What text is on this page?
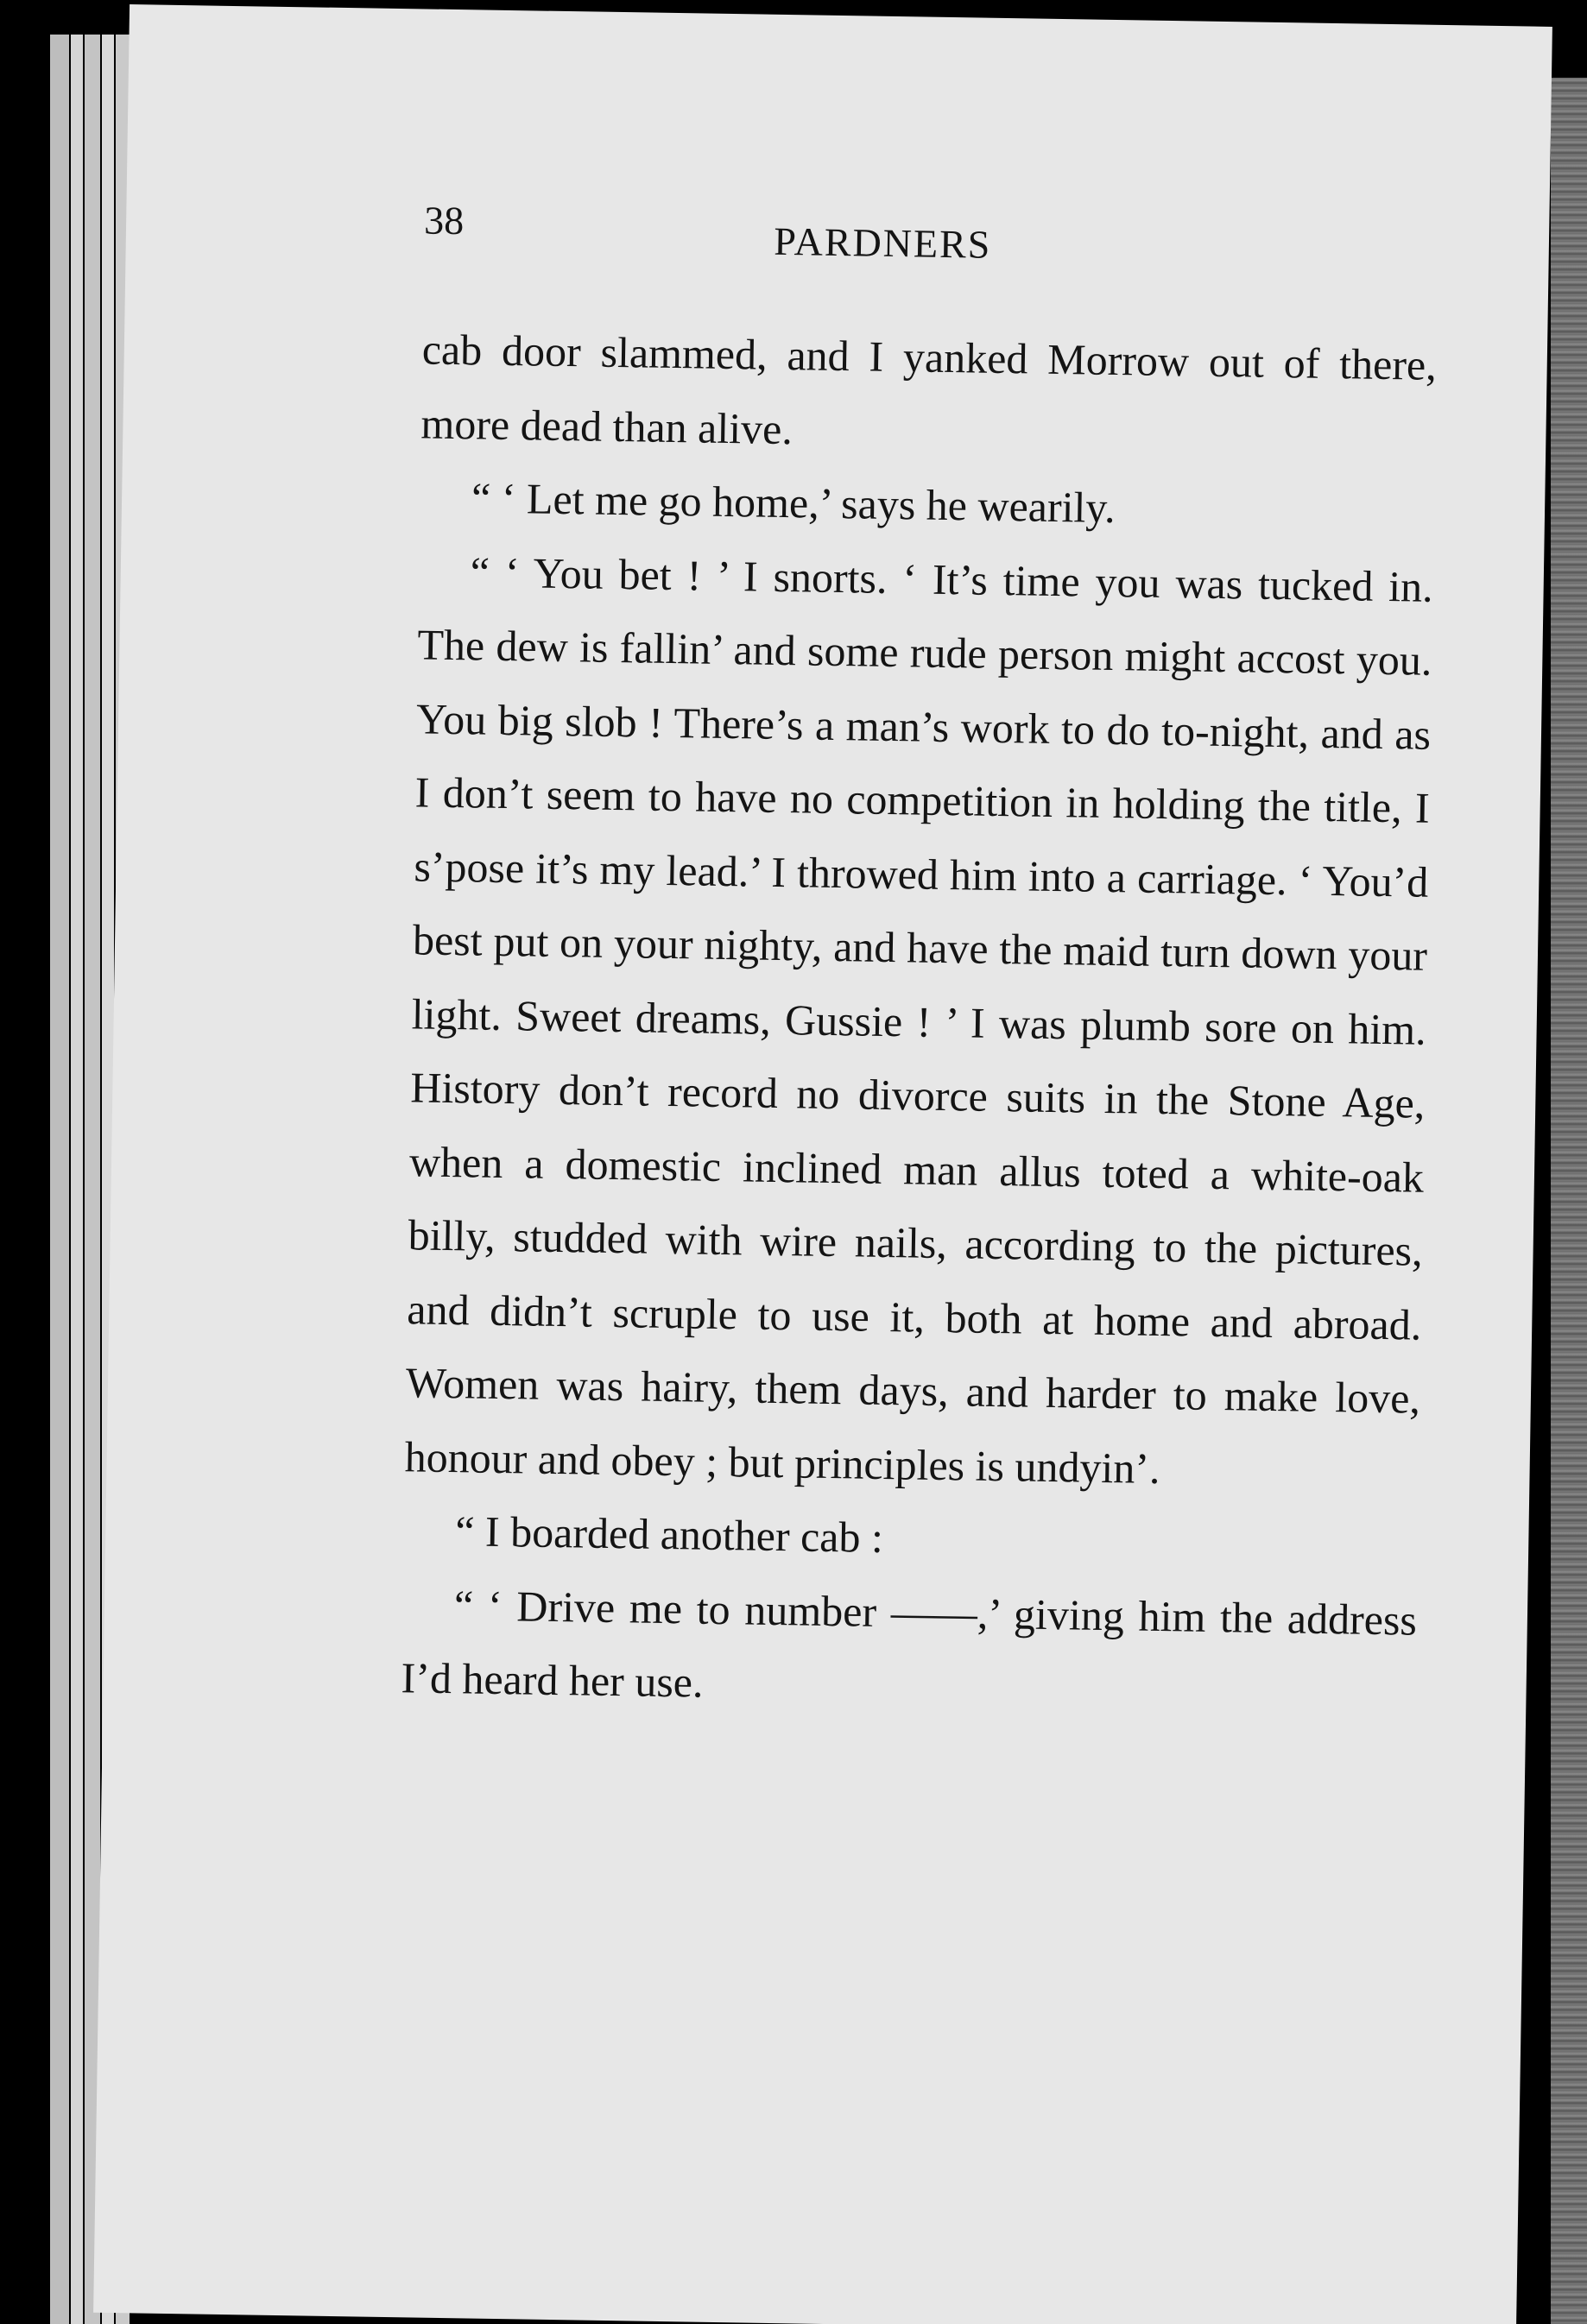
38	PARDNERS

cab door slammed, and I yanked Morrow out of there, more dead than alive.

“ ‘ Let me go home,’ says he wearily.

“ ‘ You bet ! ’ I snorts. ‘ It’s time you was tucked in. The dew is fallin’ and some rude person might accost you. You big slob ! There’s a man’s work to do to-night, and as I don’t seem to have no competition in holding the title, I s’pose it’s my lead.’ I throwed him into a carriage. ‘ You’d best put on your nighty, and have the maid turn down your light. Sweet dreams, Gussie ! ’ I was plumb sore on him. History don’t record no divorce suits in the Stone Age, when a domestic inclined man allus toted a white-oak billy, studded with wire nails, according to the pictures, and didn’t scruple to use it, both at home and abroad. Women was hairy, them days, and harder to make love, honour and obey ; but principles is undyin’.

“ I boarded another cab :

“ ‘ Drive me to number ——,’ giving him the address I’d heard her use.
